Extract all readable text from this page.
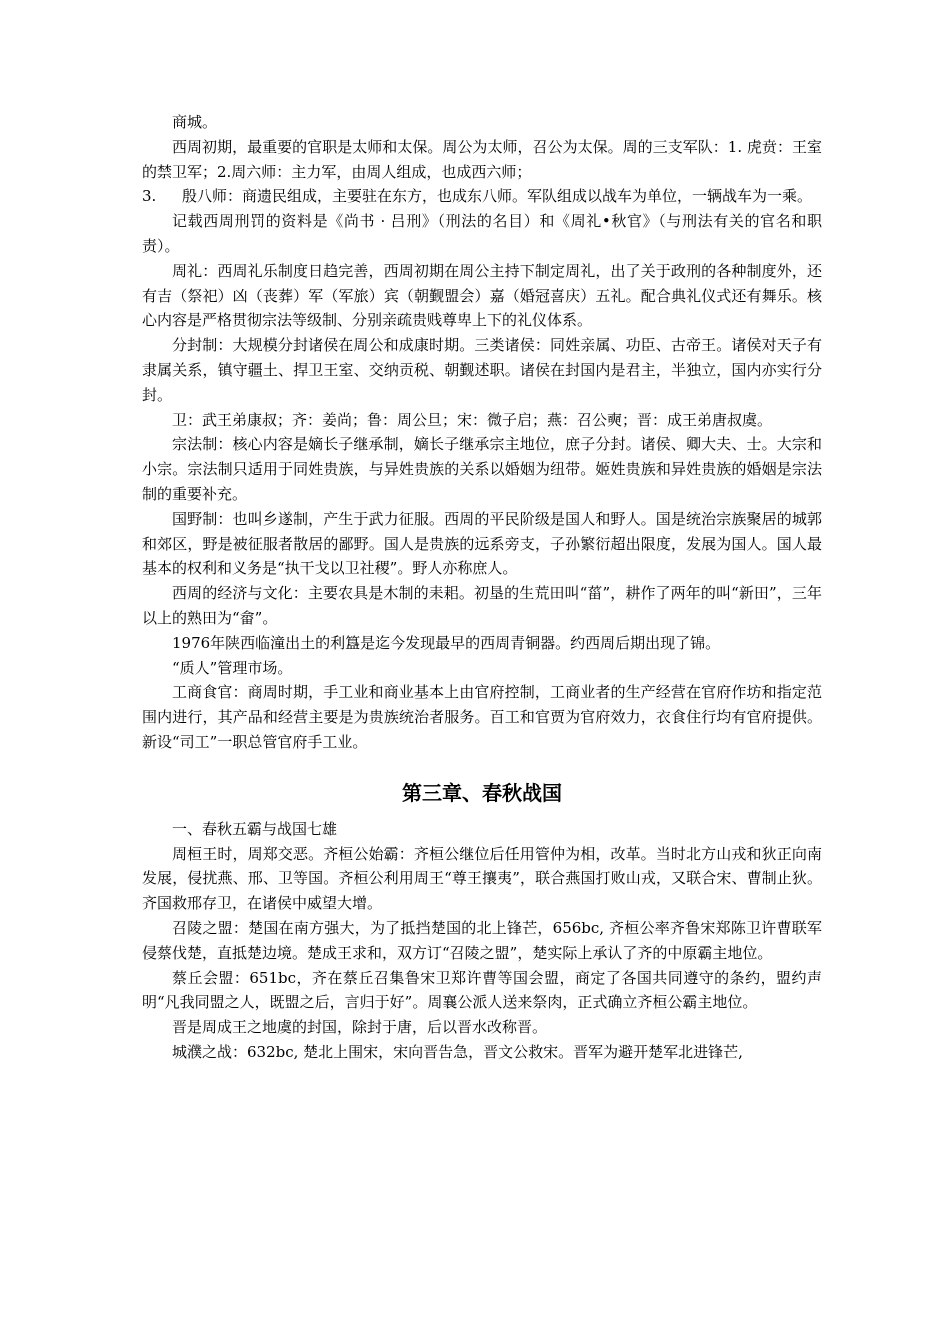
商城。

西周初期，最重要的官职是太师和太保。周公为太师，召公为太保。周的三支军队：1. 虎贲：王室的禁卫军；2.周六师：主力军，由周人组成，也成西六师；

3.	殷八师：商遗民组成，主要驻在东方，也成东八师。军队组成以战车为单位，一辆战车为一乘。

记载西周刑罚的资料是《尚书 · 吕刑》（刑法的名目）和《周礼•秋官》（与刑法有关的官名和职责）。

周礼：西周礼乐制度日趋完善，西周初期在周公主持下制定周礼，出了关于政刑的各种制度外，还有吉（祭祀）凶（丧葬）军（军旅）宾（朝觐盟会）嘉（婚冠喜庆）五礼。配合典礼仪式还有舞乐。核心内容是严格贯彻宗法等级制、分别亲疏贵贱尊卑上下的礼仪体系。

分封制：大规模分封诸侯在周公和成康时期。三类诸侯：同姓亲属、功臣、古帝王。诸侯对天子有隶属关系，镇守疆土、捍卫王室、交纳贡税、朝觐述职。诸侯在封国内是君主，半独立，国内亦实行分封。

卫：武王弟康叔；齐：姜尚；鲁：周公旦；宋：微子启；燕：召公奭；晋：成王弟唐叔虞。

宗法制：核心内容是嫡长子继承制，嫡长子继承宗主地位，庶子分封。诸侯、卿大夫、士。大宗和小宗。宗法制只适用于同姓贵族，与异姓贵族的关系以婚姻为纽带。姬姓贵族和异姓贵族的婚姻是宗法制的重要补充。

国野制：也叫乡遂制，产生于武力征服。西周的平民阶级是国人和野人。国是统治宗族聚居的城郭和郊区，野是被征服者散居的鄙野。国人是贵族的远系旁支，子孙繁衍超出限度，发展为国人。国人最基本的权利和义务是“执干戈以卫社稷”。野人亦称庶人。

西周的经济与文化：主要农具是木制的耒耜。初垦的生荒田叫“菑”，耕作了两年的叫“新田”，三年以上的熟田为“畲”。

1976年陕西临潼出土的利簋是迄今发现最早的西周青铜器。约西周后期出现了锦。

“质人”管理市场。

工商食官：商周时期，手工业和商业基本上由官府控制，工商业者的生产经营在官府作坊和指定范围内进行，其产品和经营主要是为贵族统治者服务。百工和官贾为官府效力，衣食住行均有官府提供。新设“司工”一职总管官府手工业。

第三章、春秋战国

一、春秋五霸与战国七雄

周桓王时，周郑交恶。齐桓公始霸：齐桓公继位后任用管仲为相，改革。当时北方山戎和狄正向南发展，侵扰燕、邢、卫等国。齐桓公利用周王“尊王攘夷”，联合燕国打败山戎，又联合宋、曹制止狄。齐国救邢存卫，在诸侯中威望大增。

召陵之盟：楚国在南方强大，为了抵挡楚国的北上锋芒，656bc, 齐桓公率齐鲁宋郑陈卫许曹联军侵蔡伐楚，直抵楚边境。楚成王求和，双方订“召陵之盟”，楚实际上承认了齐的中原霸主地位。

蔡丘会盟：651bc，齐在蔡丘召集鲁宋卫郑许曹等国会盟，商定了各国共同遵守的条约，盟约声明“凡我同盟之人，既盟之后，言归于好”。周襄公派人送来祭肉，正式确立齐桓公霸主地位。

晋是周成王之地虞的封国，除封于唐，后以晋水改称晋。

城濮之战：632bc, 楚北上围宋，宋向晋告急，晋文公救宋。晋军为避开楚军北进锋芒,
